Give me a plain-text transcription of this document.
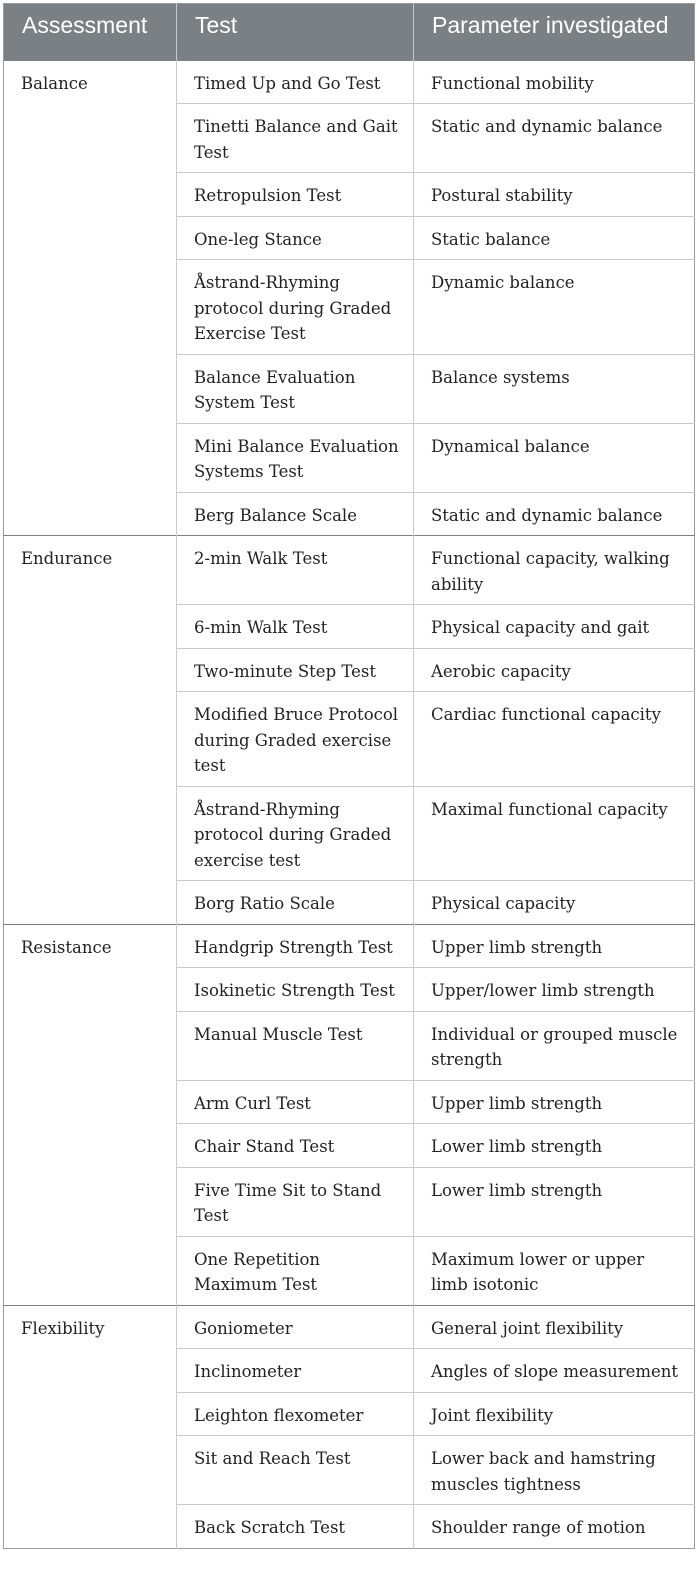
Assessment	Test	Parameter investigated
Balance	Timed Up and Go Test	Functional mobility
	Tinetti Balance and Gait Test	Static and dynamic balance
	Retropulsion Test	Postural stability
	One-leg Stance	Static balance
	Åstrand-Rhyming protocol during Graded Exercise Test	Dynamic balance
	Balance Evaluation System Test	Balance systems
	Mini Balance Evaluation Systems Test	Dynamical balance
	Berg Balance Scale	Static and dynamic balance
Endurance	2-min Walk Test	Functional capacity, walking ability
	6-min Walk Test	Physical capacity and gait
	Two-minute Step Test	Aerobic capacity
	Modified Bruce Protocol during Graded exercise test	Cardiac functional capacity
	Åstrand-Rhyming protocol during Graded exercise test	Maximal functional capacity
	Borg Ratio Scale	Physical capacity
Resistance	Handgrip Strength Test	Upper limb strength
	Isokinetic Strength Test	Upper/lower limb strength
	Manual Muscle Test	Individual or grouped muscle strength
	Arm Curl Test	Upper limb strength
	Chair Stand Test	Lower limb strength
	Five Time Sit to Stand Test	Lower limb strength
	One Repetition Maximum Test	Maximum lower or upper limb isotonic
Flexibility	Goniometer	General joint flexibility
	Inclinometer	Angles of slope measurement
	Leighton flexometer	Joint flexibility
	Sit and Reach Test	Lower back and hamstring muscles tightness
	Back Scratch Test	Shoulder range of motion
